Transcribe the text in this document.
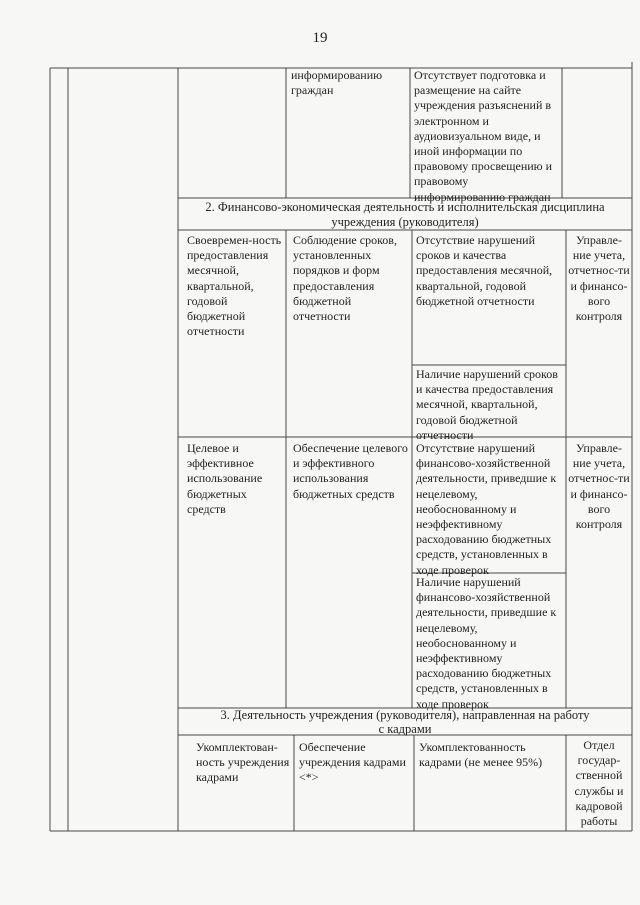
19
информированию граждан
Отсутствует подготовка и размещение на сайте учреждения разъяснений в электронном и аудиовизуальном виде, и иной информации по правовому просвещению и правовому информированию граждан
2. Финансово-экономическая деятельность и исполнительская дисциплина
учреждения (руководителя)
Своевремен-ность предоставления месячной, квартальной, годовой бюджетной отчетности
Соблюдение сроков, установленных порядков и форм предоставления бюджетной отчетности
Отсутствие нарушений сроков и качества предоставления месячной, квартальной, годовой бюджетной отчетности
Наличие нарушений сроков и качества предоставления месячной, квартальной, годовой бюджетной отчетности
Управле-ние учета, отчетнос-ти и финансо-вого контроля
Целевое и эффективное использование бюджетных средств
Обеспечение целевого и эффективного использования бюджетных средств
Отсутствие нарушений финансово-хозяйственной деятельности, приведшие к нецелевому, необоснованному и неэффективному расходованию бюджетных средств, установленных в ходе проверок
Наличие нарушений финансово-хозяйственной деятельности, приведшие к нецелевому, необоснованному и неэффективному расходованию бюджетных средств, установленных в ходе проверок
Управле-ние учета, отчетнос-ти и финансо-вого контроля
3. Деятельность учреждения (руководителя), направленная на работу
с кадрами
Укомплектован-ность учреждения кадрами
Обеспечение учреждения кадрами <*>
Укомплектованность кадрами (не менее 95%)
Отдел государ-ственной службы и кадровой работы
